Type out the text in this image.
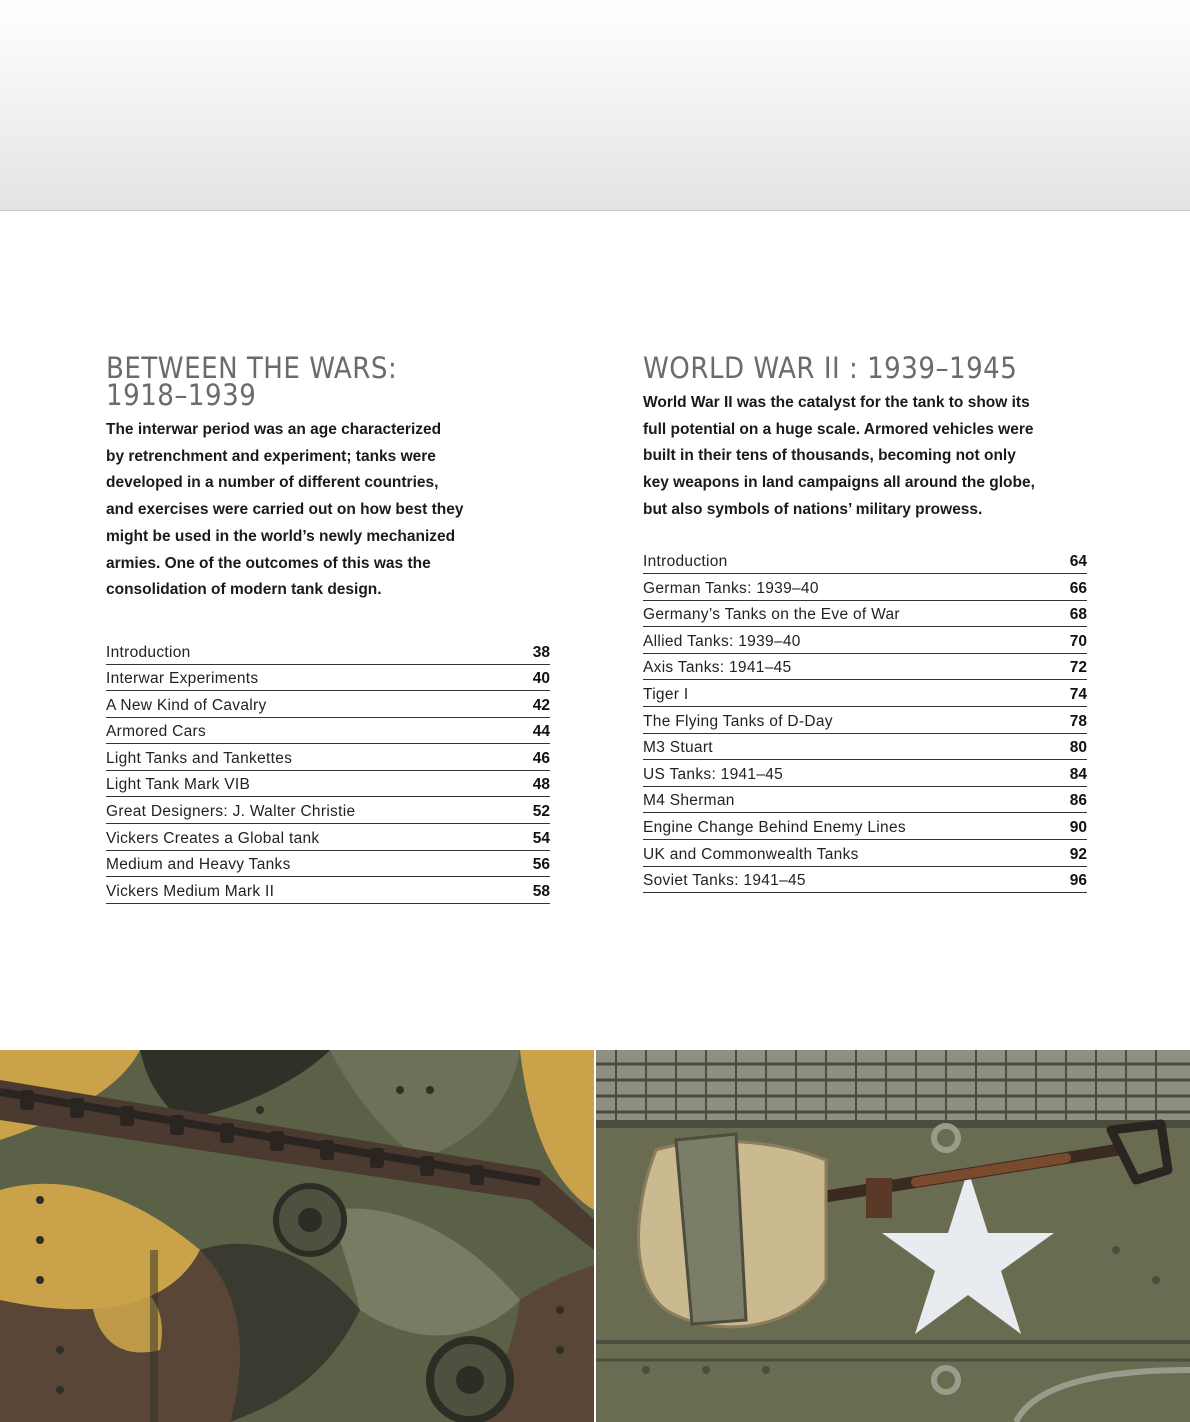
BETWEEN THE WARS:
1918–1939

The interwar period was an age characterized
by retrenchment and experiment; tanks were
developed in a number of different countries,
and exercises were carried out on how best they
might be used in the world’s newly mechanized
armies. One of the outcomes of this was the
consolidation of modern tank design.

Introduction	38
Interwar Experiments	40
A New Kind of Cavalry	42
Armored Cars	44
Light Tanks and Tankettes	46
Light Tank Mark VIB	48
Great Designers: J. Walter Christie	52
Vickers Creates a Global tank	54
Medium and Heavy Tanks	56
Vickers Medium Mark II	58
WORLD WAR II : 1939–1945

World War II was the catalyst for the tank to show its
full potential on a huge scale. Armored vehicles were
built in their tens of thousands, becoming not only
key weapons in land campaigns all around the globe,
but also symbols of nations’ military prowess.

Introduction	64
German Tanks: 1939–40	66
Germany’s Tanks on the Eve of War	68
Allied Tanks: 1939–40	70
Axis Tanks: 1941–45	72
Tiger I	74
The Flying Tanks of D-Day	78
M3 Stuart	80
US Tanks: 1941–45	84
M4 Sherman	86
Engine Change Behind Enemy Lines	90
UK and Commonwealth Tanks	92
Soviet Tanks: 1941–45	96
